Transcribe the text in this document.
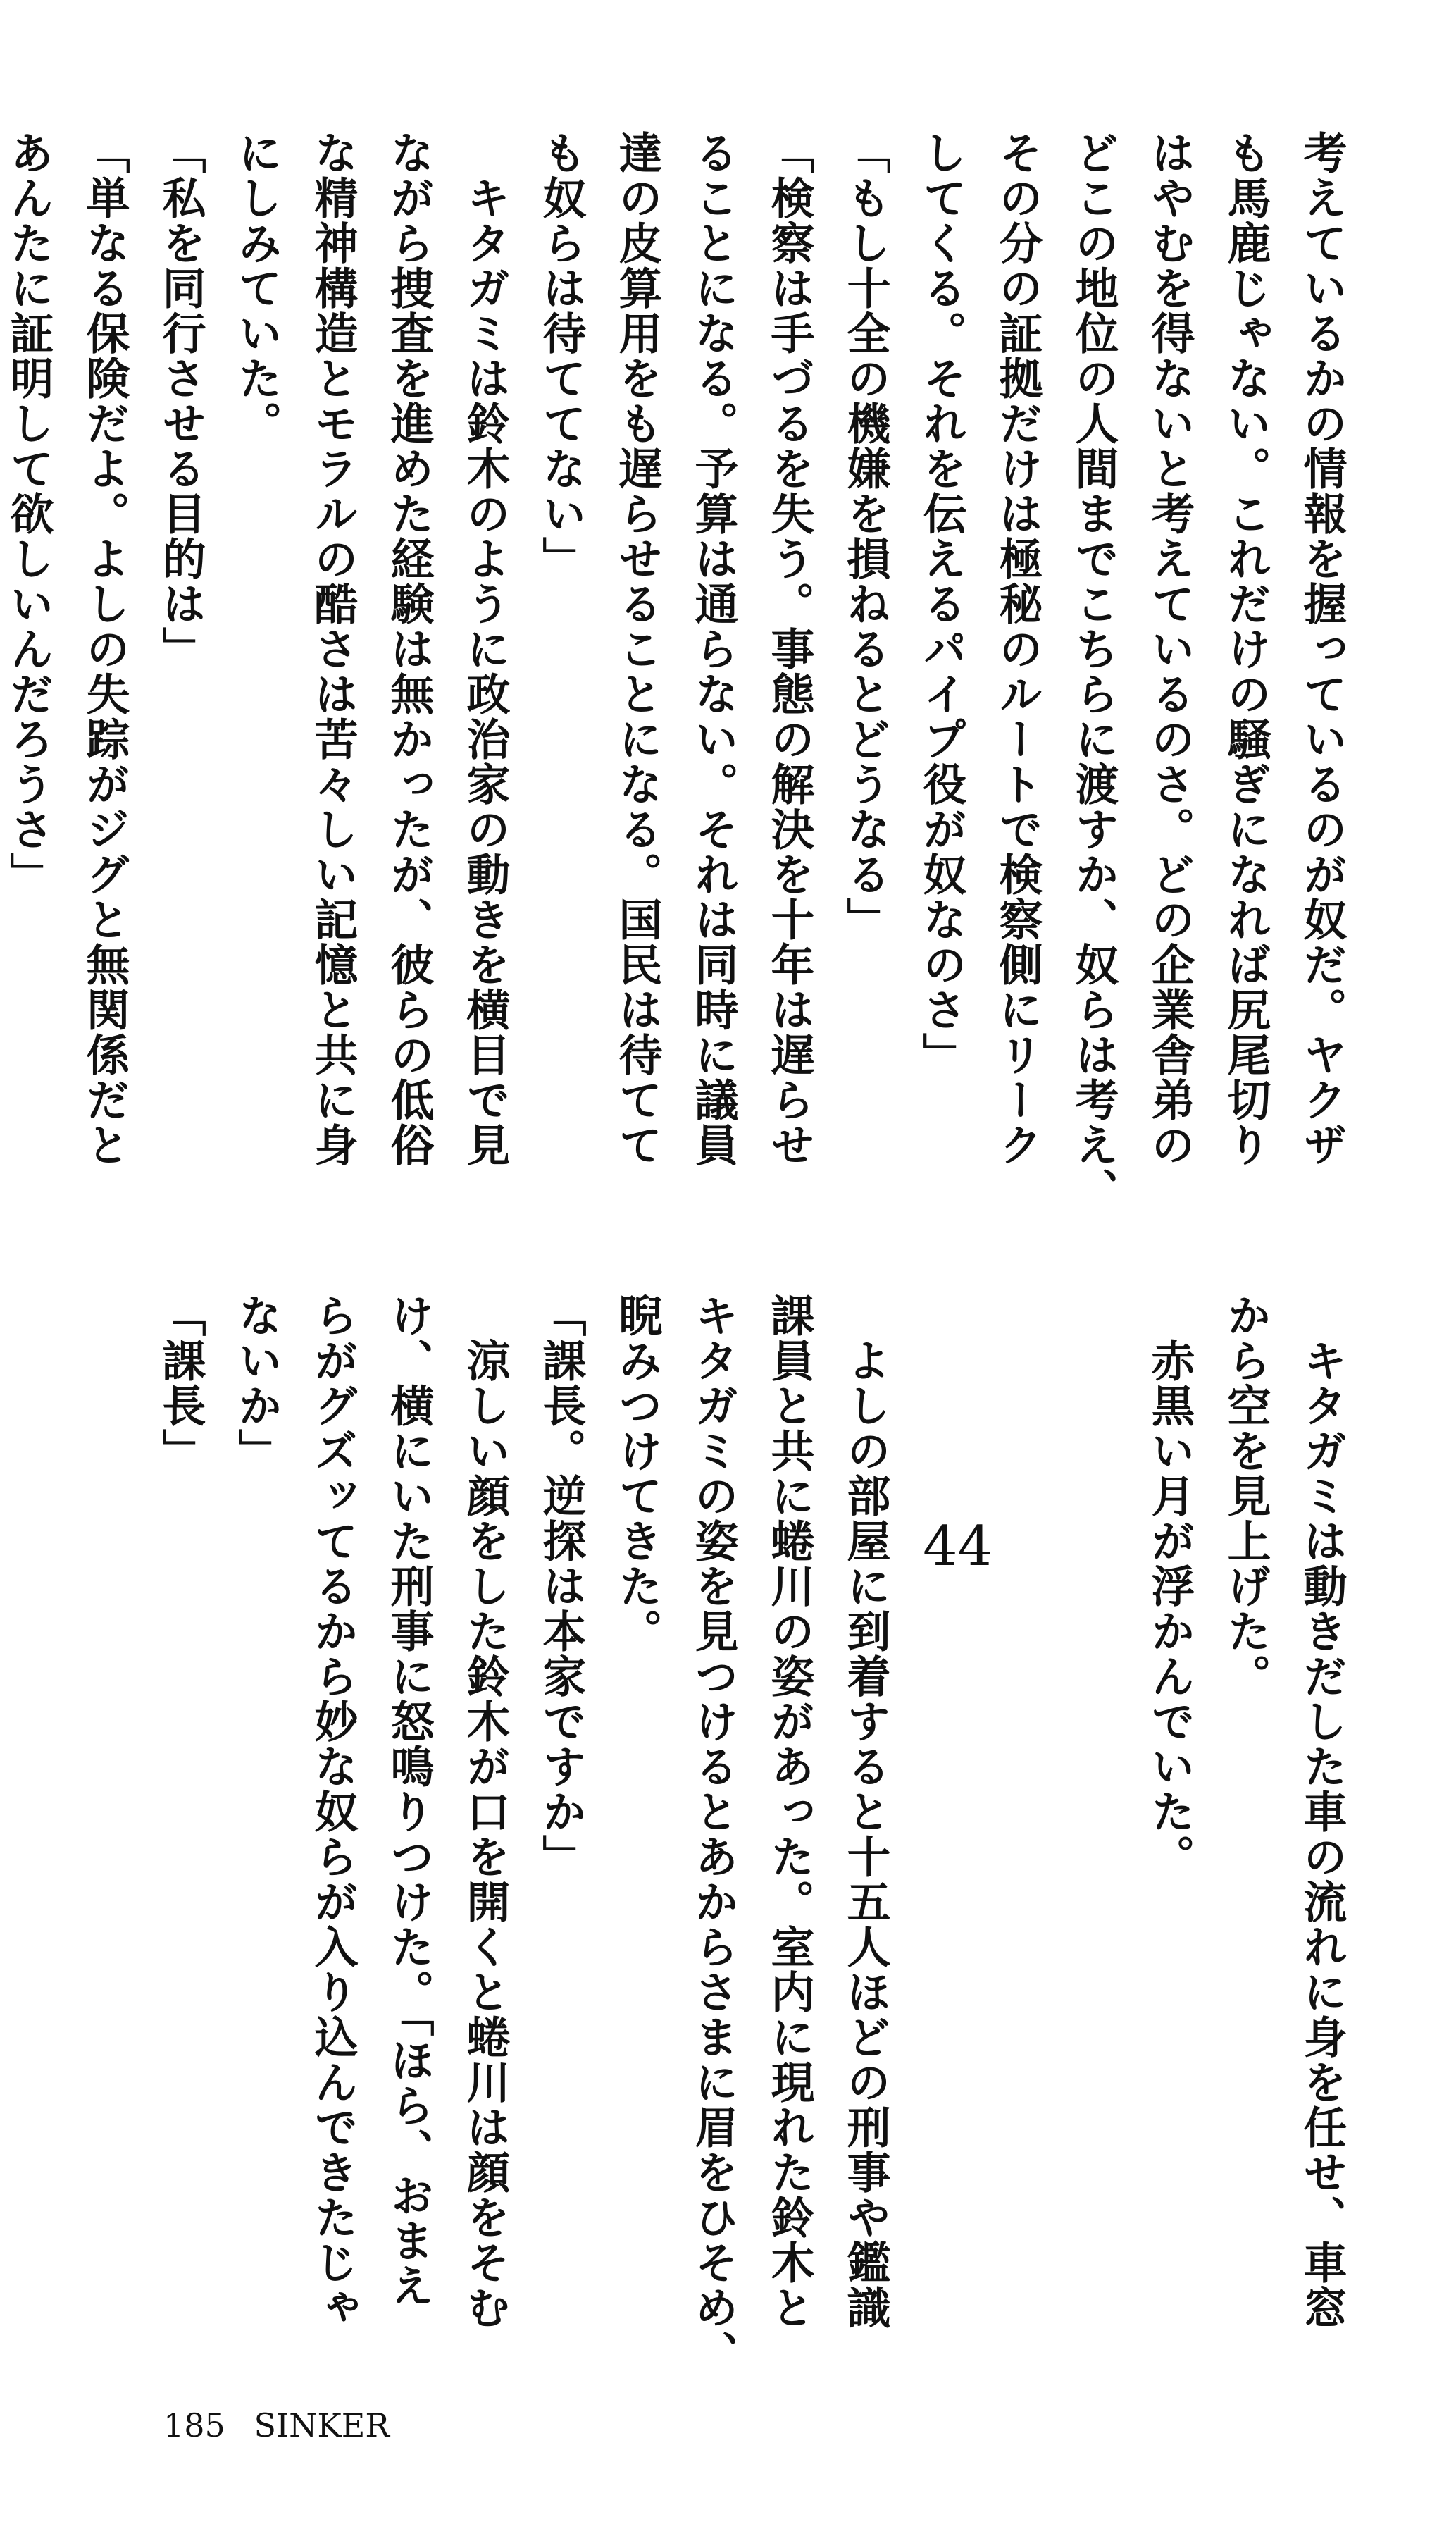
考えているかの情報を握っているのが奴だ。ヤクザ
も馬鹿じゃない。これだけの騒ぎになれば尻尾切り
はやむを得ないと考えているのさ。どの企業舎弟の
どこの地位の人間までこちらに渡すか、奴らは考え、
その分の証拠だけは極秘のルートで検察側にリーク
してくる。それを伝えるパイプ役が奴なのさ」
「もし十全の機嫌を損ねるとどうなる」
「検察は手づるを失う。事態の解決を十年は遅らせ
ることになる。予算は通らない。それは同時に議員
達の皮算用をも遅らせることになる。国民は待てて
も奴らは待ててない」
　キタガミは鈴木のように政治家の動きを横目で見
ながら捜査を進めた経験は無かったが、彼らの低俗
な精神構造とモラルの酷さは苦々しい記憶と共に身
にしみていた。
「私を同行させる目的は」
「単なる保険だよ。よしの失踪がジグと無関係だと
あんたに証明して欲しいんだろうさ」
　キタガミは動きだした車の流れに身を任せ、車窓
から空を見上げた。
　赤黒い月が浮かんでいた。
　よしの部屋に到着すると十五人ほどの刑事や鑑識
課員と共に蜷川の姿があった。室内に現れた鈴木と
キタガミの姿を見つけるとあからさまに眉をひそめ、
睨みつけてきた。
「課長。逆探は本家ですか」
　涼しい顔をした鈴木が口を開くと蜷川は顔をそむ
け、横にいた刑事に怒鳴りつけた。「ほら、おまえ
らがグズッてるから妙な奴らが入り込んできたじゃ
ないか」
「課長」
44
185 SINKER
